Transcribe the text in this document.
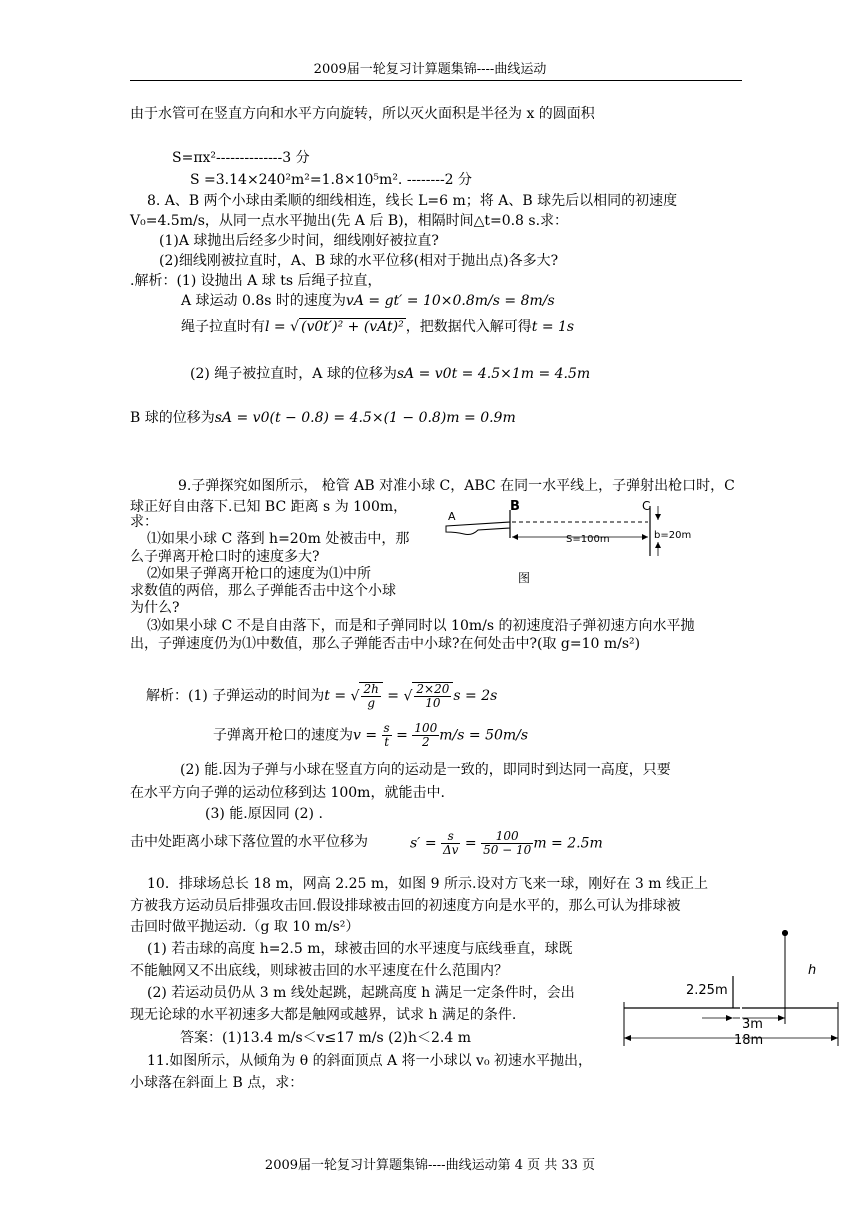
2009届一轮复习计算题集锦----曲线运动
由于水管可在竖直方向和水平方向旋转，所以灭火面积是半径为 x 的圆面积
S=πx²--------------3 分
S =3.14×240²m²=1.8×10⁵m². --------2 分
8. A、B 两个小球由柔顺的细线相连，线长 L=6 m；将 A、B 球先后以相同的初速度
V₀=4.5m/s，从同一点水平抛出(先 A 后 B)，相隔时间△t=0.8 s.求：
(1)A 球抛出后经多少时间，细线刚好被拉直?
(2)细线刚被拉直时，A、B 球的水平位移(相对于抛出点)各多大?
.解析：(1) 设抛出 A 球 ts 后绳子拉直，
A 球运动 0.8s 时的速度为vA = gt′ = 10×0.8m/s = 8m/s
绳子拉直时有l = √ (v0t′)² + (vAt)² ，把数据代入解可得t = 1s
(2) 绳子被拉直时，A 球的位移为sA = v0t = 4.5×1m = 4.5m
B 球的位移为sA = v0(t − 0.8) = 4.5×(1 − 0.8)m = 0.9m
9.子弹探究如图所示， 枪管 AB 对准小球 C，ABC 在同一水平线上，子弹射出枪口时，C
球正好自由落下.已知 BC 距离 s 为 100m，
求：
⑴如果小球 C 落到 h=20m 处被击中，那
么子弹离开枪口时的速度多大?
⑵如果子弹离开枪口的速度为⑴中所
求数值的两倍，那么子弹能否击中这个小球
为什么?
⑶如果小球 C 不是自由落下，而是和子弹同时以 10m/s 的初速度沿子弹初速方向水平抛
出，子弹速度仍为⑴中数值，那么子弹能否击中小球?在何处击中?(取 g=10 m/s²)
A
B	C
S=100m	b=20m
图
解析：(1) 子弹运动的时间为t = √ $\frac{2h}{g}$ = √ $\frac{2\times 20}{10}$ s = 2s
子弹离开枪口的速度为$v = \frac{s}{t} = \frac{100}{2} m/s = 50m/s$
(2) 能.因为子弹与小球在竖直方向的运动是一致的，即同时到达同一高度，只要
在水平方向子弹的运动位移到达 100m，就能击中.
(3) 能.原因同 (2) .
击中处距离小球下落位置的水平位移为	$s' = \frac{s}{\Delta v} = \frac{100}{50 - 10}$ m = 2.5m
10．排球场总长 18 m，网高 2.25 m，如图 9 所示.设对方飞来一球，刚好在 3 m 线正上
方被我方运动员后排强攻击回.假设排球被击回的初速度方向是水平的，那么可认为排球被
击回时做平抛运动.（g 取 10 m/s²）
(1) 若击球的高度 h=2.5 m，球被击回的水平速度与底线垂直，球既
不能触网又不出底线，则球被击回的水平速度在什么范围内？
(2) 若运动员仍从 3 m 线处起跳，起跳高度 h 满足一定条件时，会出
现无论球的水平初速多大都是触网或越界，试求 h 满足的条件.
答案：(1)13.4 m/s＜v≤17 m/s (2)h＜2.4 m
2.25m
3m
18m
h
11.如图所示，从倾角为 θ 的斜面顶点 A 将一小球以 v₀ 初速水平抛出，
小球落在斜面上 B 点，求：
2009届一轮复习计算题集锦----曲线运动第 4 页 共 33 页
